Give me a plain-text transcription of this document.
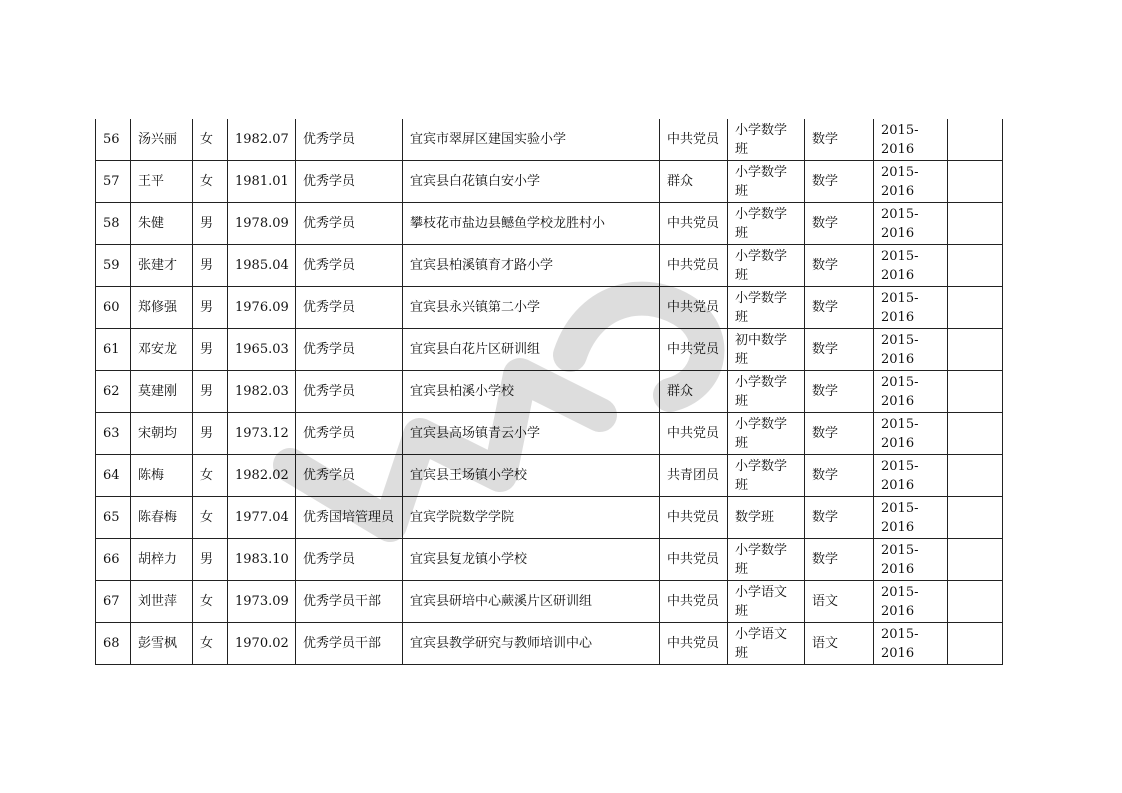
56	汤兴丽	女	1982.07	优秀学员	宜宾市翠屏区建国实验小学	中共党员	小学数学班	数学	2015-2016	
57	王平	女	1981.01	优秀学员	宜宾县白花镇白安小学	群众	小学数学班	数学	2015-2016	
58	朱健	男	1978.09	优秀学员	攀枝花市盐边县鳡鱼学校龙胜村小	中共党员	小学数学班	数学	2015-2016	
59	张建才	男	1985.04	优秀学员	宜宾县柏溪镇育才路小学	中共党员	小学数学班	数学	2015-2016	
60	郑修强	男	1976.09	优秀学员	宜宾县永兴镇第二小学	中共党员	小学数学班	数学	2015-2016	
61	邓安龙	男	1965.03	优秀学员	宜宾县白花片区研训组	中共党员	初中数学班	数学	2015-2016	
62	莫建刚	男	1982.03	优秀学员	宜宾县柏溪小学校	群众	小学数学班	数学	2015-2016	
63	宋朝均	男	1973.12	优秀学员	宜宾县高场镇青云小学	中共党员	小学数学班	数学	2015-2016	
64	陈梅	女	1982.02	优秀学员	宜宾县王场镇小学校	共青团员	小学数学班	数学	2015-2016	
65	陈春梅	女	1977.04	优秀国培管理员	宜宾学院数学学院	中共党员	数学班	数学	2015-2016	
66	胡梓力	男	1983.10	优秀学员	宜宾县复龙镇小学校	中共党员	小学数学班	数学	2015-2016	
67	刘世萍	女	1973.09	优秀学员干部	宜宾县研培中心蕨溪片区研训组	中共党员	小学语文班	语文	2015-2016	
68	彭雪枫	女	1970.02	优秀学员干部	宜宾县教学研究与教师培训中心	中共党员	小学语文班	语文	2015-2016	
